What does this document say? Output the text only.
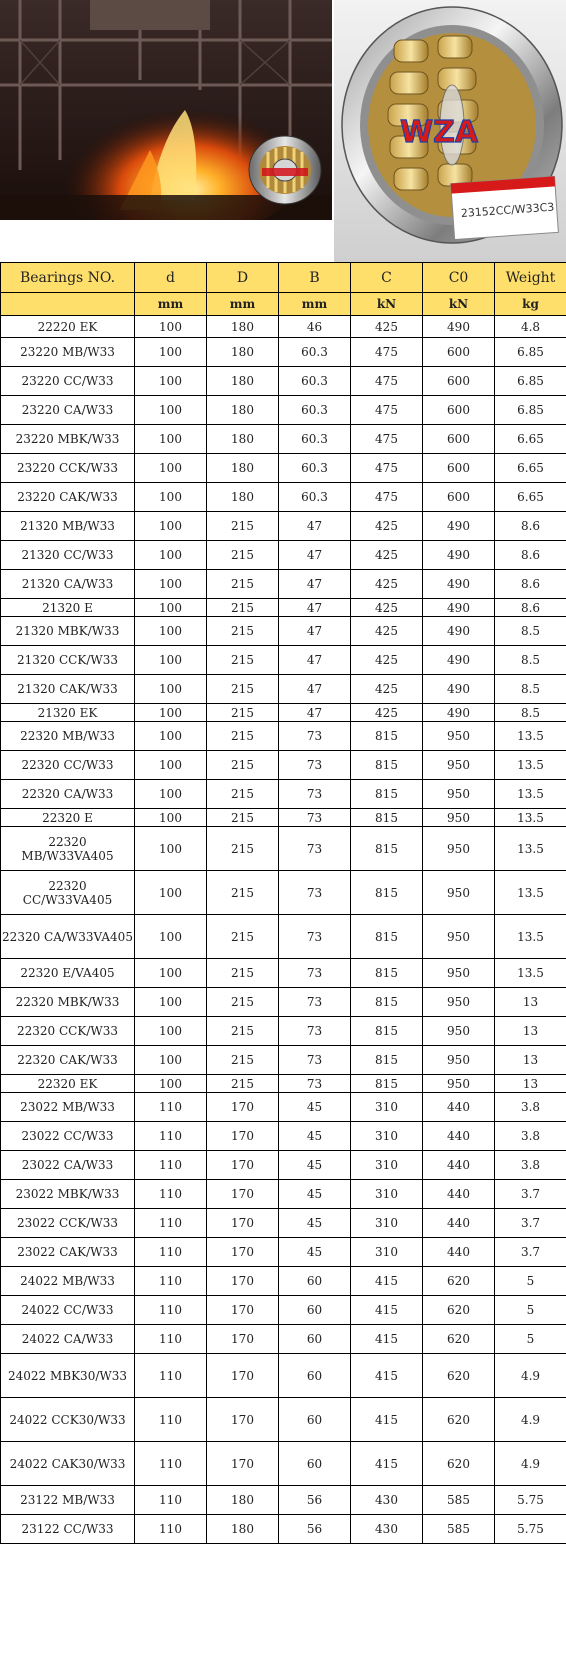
WZA
23152CC/W33C3
Bearings NO.	d	D	B	C	C0	Weight
	mm	mm	mm	kN	kN	kg
22220 EK	100	180	46	425	490	4.8
23220 MB/W33	100	180	60.3	475	600	6.85
23220 CC/W33	100	180	60.3	475	600	6.85
23220 CA/W33	100	180	60.3	475	600	6.85
23220 MBK/W33	100	180	60.3	475	600	6.65
23220 CCK/W33	100	180	60.3	475	600	6.65
23220 CAK/W33	100	180	60.3	475	600	6.65
21320 MB/W33	100	215	47	425	490	8.6
21320 CC/W33	100	215	47	425	490	8.6
21320 CA/W33	100	215	47	425	490	8.6
21320 E	100	215	47	425	490	8.6
21320 MBK/W33	100	215	47	425	490	8.5
21320 CCK/W33	100	215	47	425	490	8.5
21320 CAK/W33	100	215	47	425	490	8.5
21320 EK	100	215	47	425	490	8.5
22320 MB/W33	100	215	73	815	950	13.5
22320 CC/W33	100	215	73	815	950	13.5
22320 CA/W33	100	215	73	815	950	13.5
22320 E	100	215	73	815	950	13.5
22320 MB/W33VA405	100	215	73	815	950	13.5
22320 CC/W33VA405	100	215	73	815	950	13.5
22320 CA/W33VA405	100	215	73	815	950	13.5
22320 E/VA405	100	215	73	815	950	13.5
22320 MBK/W33	100	215	73	815	950	13
22320 CCK/W33	100	215	73	815	950	13
22320 CAK/W33	100	215	73	815	950	13
22320 EK	100	215	73	815	950	13
23022 MB/W33	110	170	45	310	440	3.8
23022 CC/W33	110	170	45	310	440	3.8
23022 CA/W33	110	170	45	310	440	3.8
23022 MBK/W33	110	170	45	310	440	3.7
23022 CCK/W33	110	170	45	310	440	3.7
23022 CAK/W33	110	170	45	310	440	3.7
24022 MB/W33	110	170	60	415	620	5
24022 CC/W33	110	170	60	415	620	5
24022 CA/W33	110	170	60	415	620	5
24022 MBK30/W33	110	170	60	415	620	4.9
24022 CCK30/W33	110	170	60	415	620	4.9
24022 CAK30/W33	110	170	60	415	620	4.9
23122 MB/W33	110	180	56	430	585	5.75
23122 CC/W33	110	180	56	430	585	5.75
